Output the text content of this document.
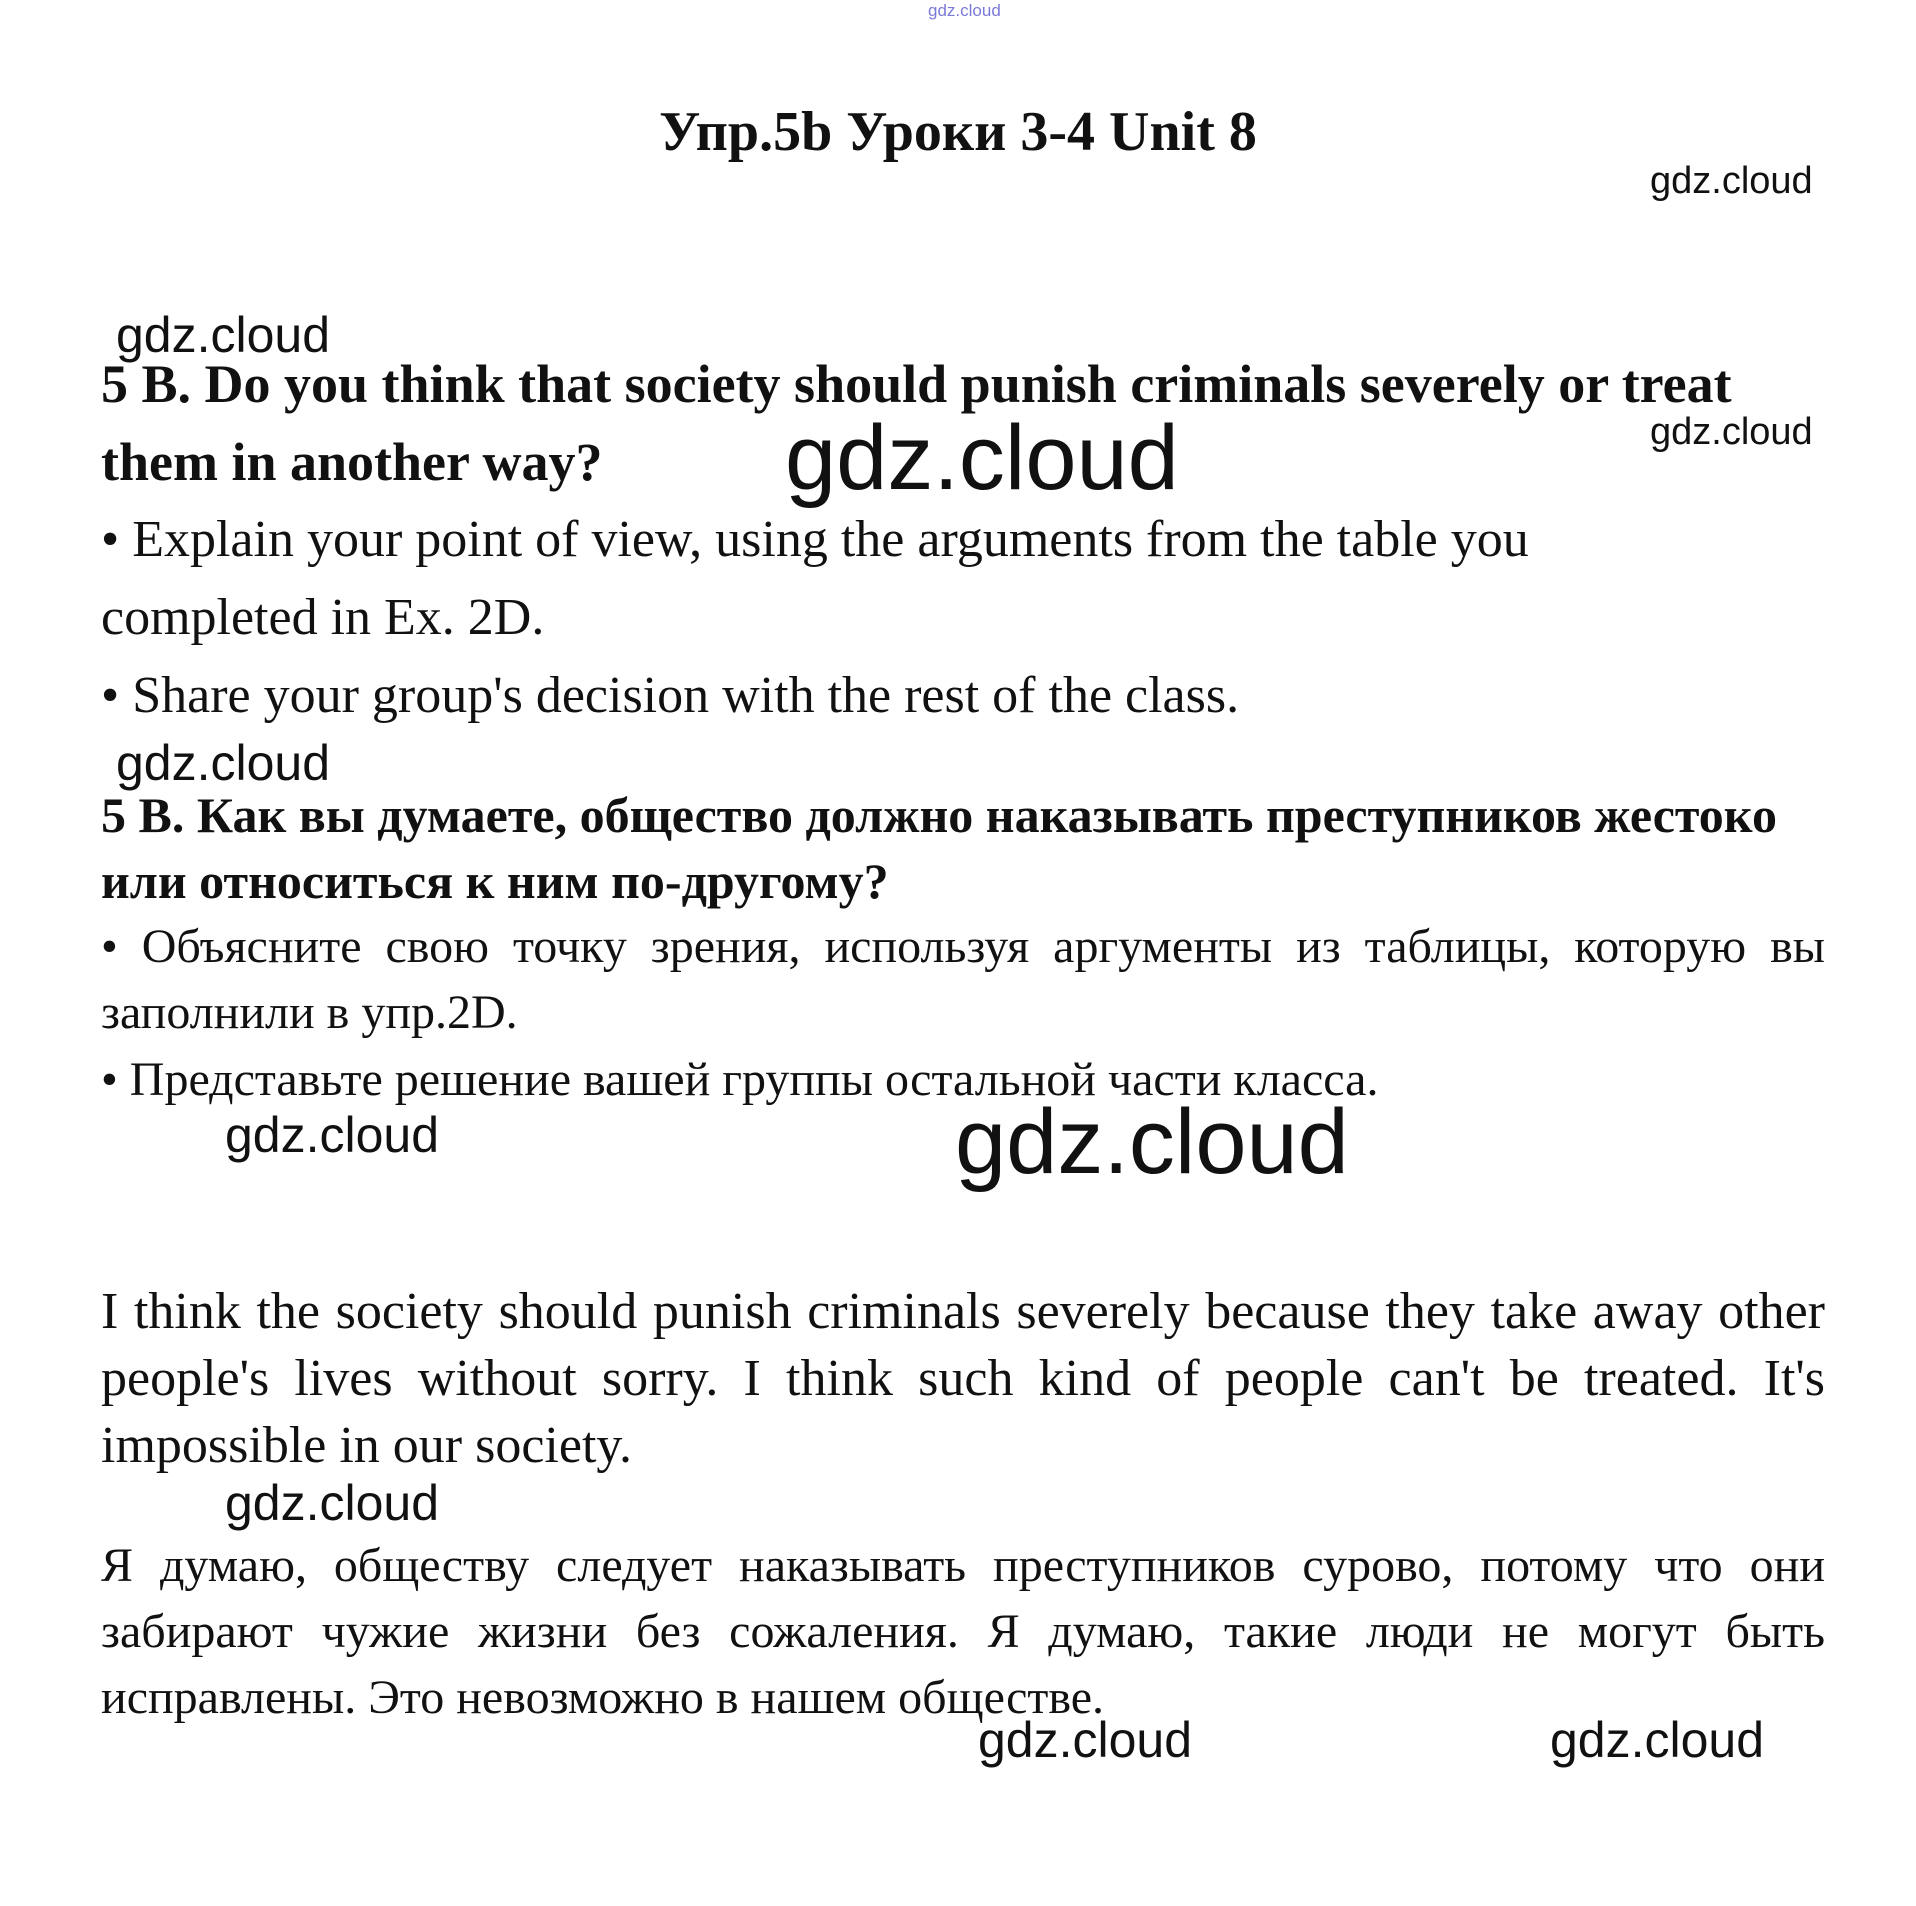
gdz.cloud
gdz.cloud
gdz.cloud
gdz.cloud
gdz.cloud
gdz.cloud
gdz.cloud	gdz.cloud
gdz.cloud
gdz.cloud	gdz.cloud
Упр.5b Уроки 3-4 Unit 8

5 B. Do you think that society should punish criminals severely or treat them in another way?

• Explain your point of view, using the arguments from the table you completed in Ex. 2D.

• Share your group's decision with the rest of the class.

5 В. Как вы думаете, общество должно наказывать преступников жестоко или относиться к ним по-другому?

• Объясните свою точку зрения, используя аргументы из таблицы, которую вы заполнили в упр.2D.

• Представьте решение вашей группы остальной части класса.

I think the society should punish criminals severely because they take away other people's lives without sorry. I think such kind of people can't be treated. It's impossible in our society.
Я думаю, обществу следует наказывать преступников сурово, потому что они забирают чужие жизни без сожаления. Я думаю, такие люди не могут быть исправлены. Это невозможно в нашем обществе.
